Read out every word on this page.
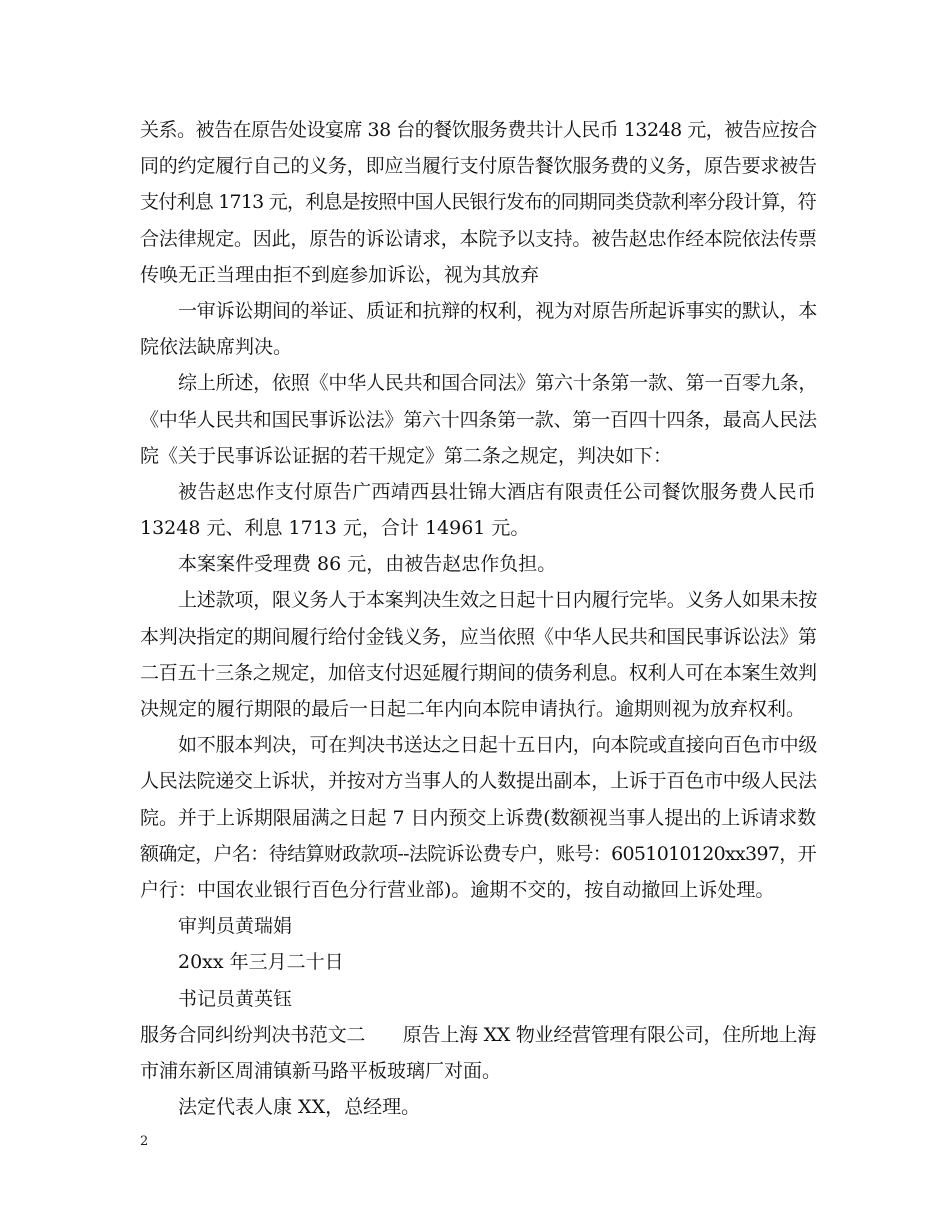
关系。被告在原告处设宴席 38 台的餐饮服务费共计人民币 13248 元，被告应按合
同的约定履行自己的义务，即应当履行支付原告餐饮服务费的义务，原告要求被告
支付利息 1713 元，利息是按照中国人民银行发布的同期同类贷款利率分段计算，符
合法律规定。因此，原告的诉讼请求，本院予以支持。被告赵忠作经本院依法传票
传唤无正当理由拒不到庭参加诉讼，视为其放弃
一审诉讼期间的举证、质证和抗辩的权利，视为对原告所起诉事实的默认，本
院依法缺席判决。
综上所述，依照《中华人民共和国合同法》第六十条第一款、第一百零九条，
《中华人民共和国民事诉讼法》第六十四条第一款、第一百四十四条，最高人民法
院《关于民事诉讼证据的若干规定》第二条之规定，判决如下：
被告赵忠作支付原告广西靖西县壮锦大酒店有限责任公司餐饮服务费人民币
13248 元、利息 1713 元，合计 14961 元。
本案案件受理费 86 元，由被告赵忠作负担。
上述款项，限义务人于本案判决生效之日起十日内履行完毕。义务人如果未按
本判决指定的期间履行给付金钱义务，应当依照《中华人民共和国民事诉讼法》第
二百五十三条之规定，加倍支付迟延履行期间的债务利息。权利人可在本案生效判
决规定的履行期限的最后一日起二年内向本院申请执行。逾期则视为放弃权利。
如不服本判决，可在判决书送达之日起十五日内，向本院或直接向百色市中级
人民法院递交上诉状，并按对方当事人的人数提出副本，上诉于百色市中级人民法
院。并于上诉期限届满之日起 7 日内预交上诉费(数额视当事人提出的上诉请求数
额确定，户名：待结算财政款项--法院诉讼费专户，账号：6051010120xx397，开
户行：中国农业银行百色分行营业部)。逾期不交的，按自动撤回上诉处理。
审判员黄瑞娟
20xx 年三月二十日
书记员黄英钰
服务合同纠纷判决书范文二　　原告上海 XX 物业经营管理有限公司，住所地上海
市浦东新区周浦镇新马路平板玻璃厂对面。
法定代表人康 XX，总经理。
2
